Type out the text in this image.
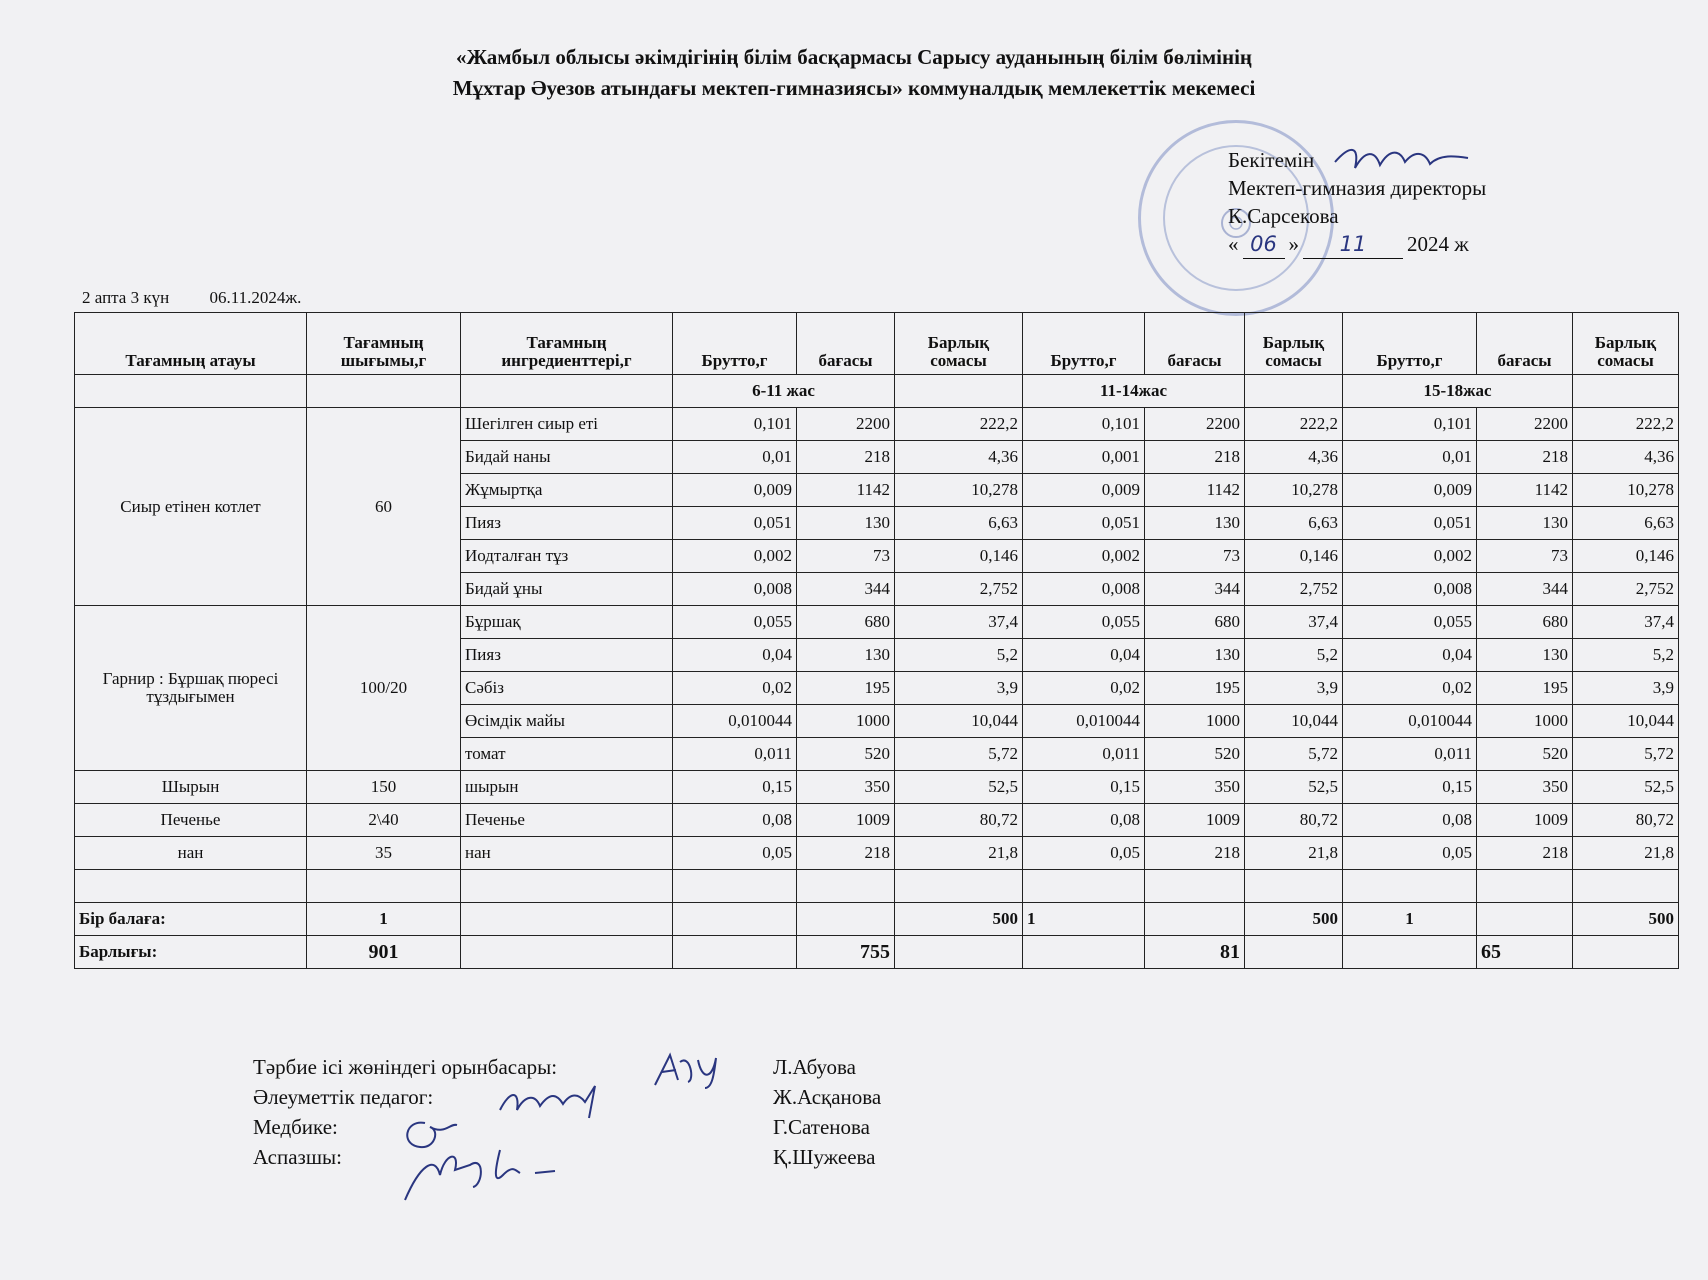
«Жамбыл облысы әкімдігінің білім басқармасы Сарысу ауданының білім бөлімінің
Мұхтар Әуезов атындағы мектеп-гимназиясы» коммуналдық мемлекеттік мекемесі
Бекітемін
Мектеп-гимназия директоры
К.Сарсекова
« 06 »	11	2024 ж
2 апта 3 күн 06.11.2024ж.
Тағамның атауы	Тағамның шығымы,г	Тағамның ингредиенттері,г	Брутто,г	бағасы	Барлық сомасы	Брутто,г	бағасы	Барлық сомасы	Брутто,г	бағасы	Барлық сомасы
			6-11 жас			11-14жас			15-18жас		
Сиыр етінен котлет	60	Шегілген сиыр еті	0,101	2200	222,2	0,101	2200	222,2	0,101	2200	222,2
		Бидай наны	0,01	218	4,36	0,001	218	4,36	0,01	218	4,36
		Жұмыртқа	0,009	1142	10,278	0,009	1142	10,278	0,009	1142	10,278
		Пияз	0,051	130	6,63	0,051	130	6,63	0,051	130	6,63
		Иодталған тұз	0,002	73	0,146	0,002	73	0,146	0,002	73	0,146
		Бидай ұны	0,008	344	2,752	0,008	344	2,752	0,008	344	2,752
Гарнир : Бұршақ пюресі тұздығымен	100/20	Бұршақ	0,055	680	37,4	0,055	680	37,4	0,055	680	37,4
		Пияз	0,04	130	5,2	0,04	130	5,2	0,04	130	5,2
		Сәбіз	0,02	195	3,9	0,02	195	3,9	0,02	195	3,9
		Өсімдік майы	0,010044	1000	10,044	0,010044	1000	10,044	0,010044	1000	10,044
		томат	0,011	520	5,72	0,011	520	5,72	0,011	520	5,72
Шырын	150	шырын	0,15	350	52,5	0,15	350	52,5	0,15	350	52,5
Печенье	2\40	Печенье	0,08	1009	80,72	0,08	1009	80,72	0,08	1009	80,72
нан	35	нан	0,05	218	21,8	0,05	218	21,8	0,05	218	21,8

Бір балаға:	1				500	1		500	1		500
Барлығы:	901			755			81			65	
Тәрбие ісі жөніндегі орынбасары:	Л.Абуова
Әлеуметтік педагог:	Ж.Асқанова
Медбике:	Г.Сатенова
Аспазшы:	Қ.Шужеева
